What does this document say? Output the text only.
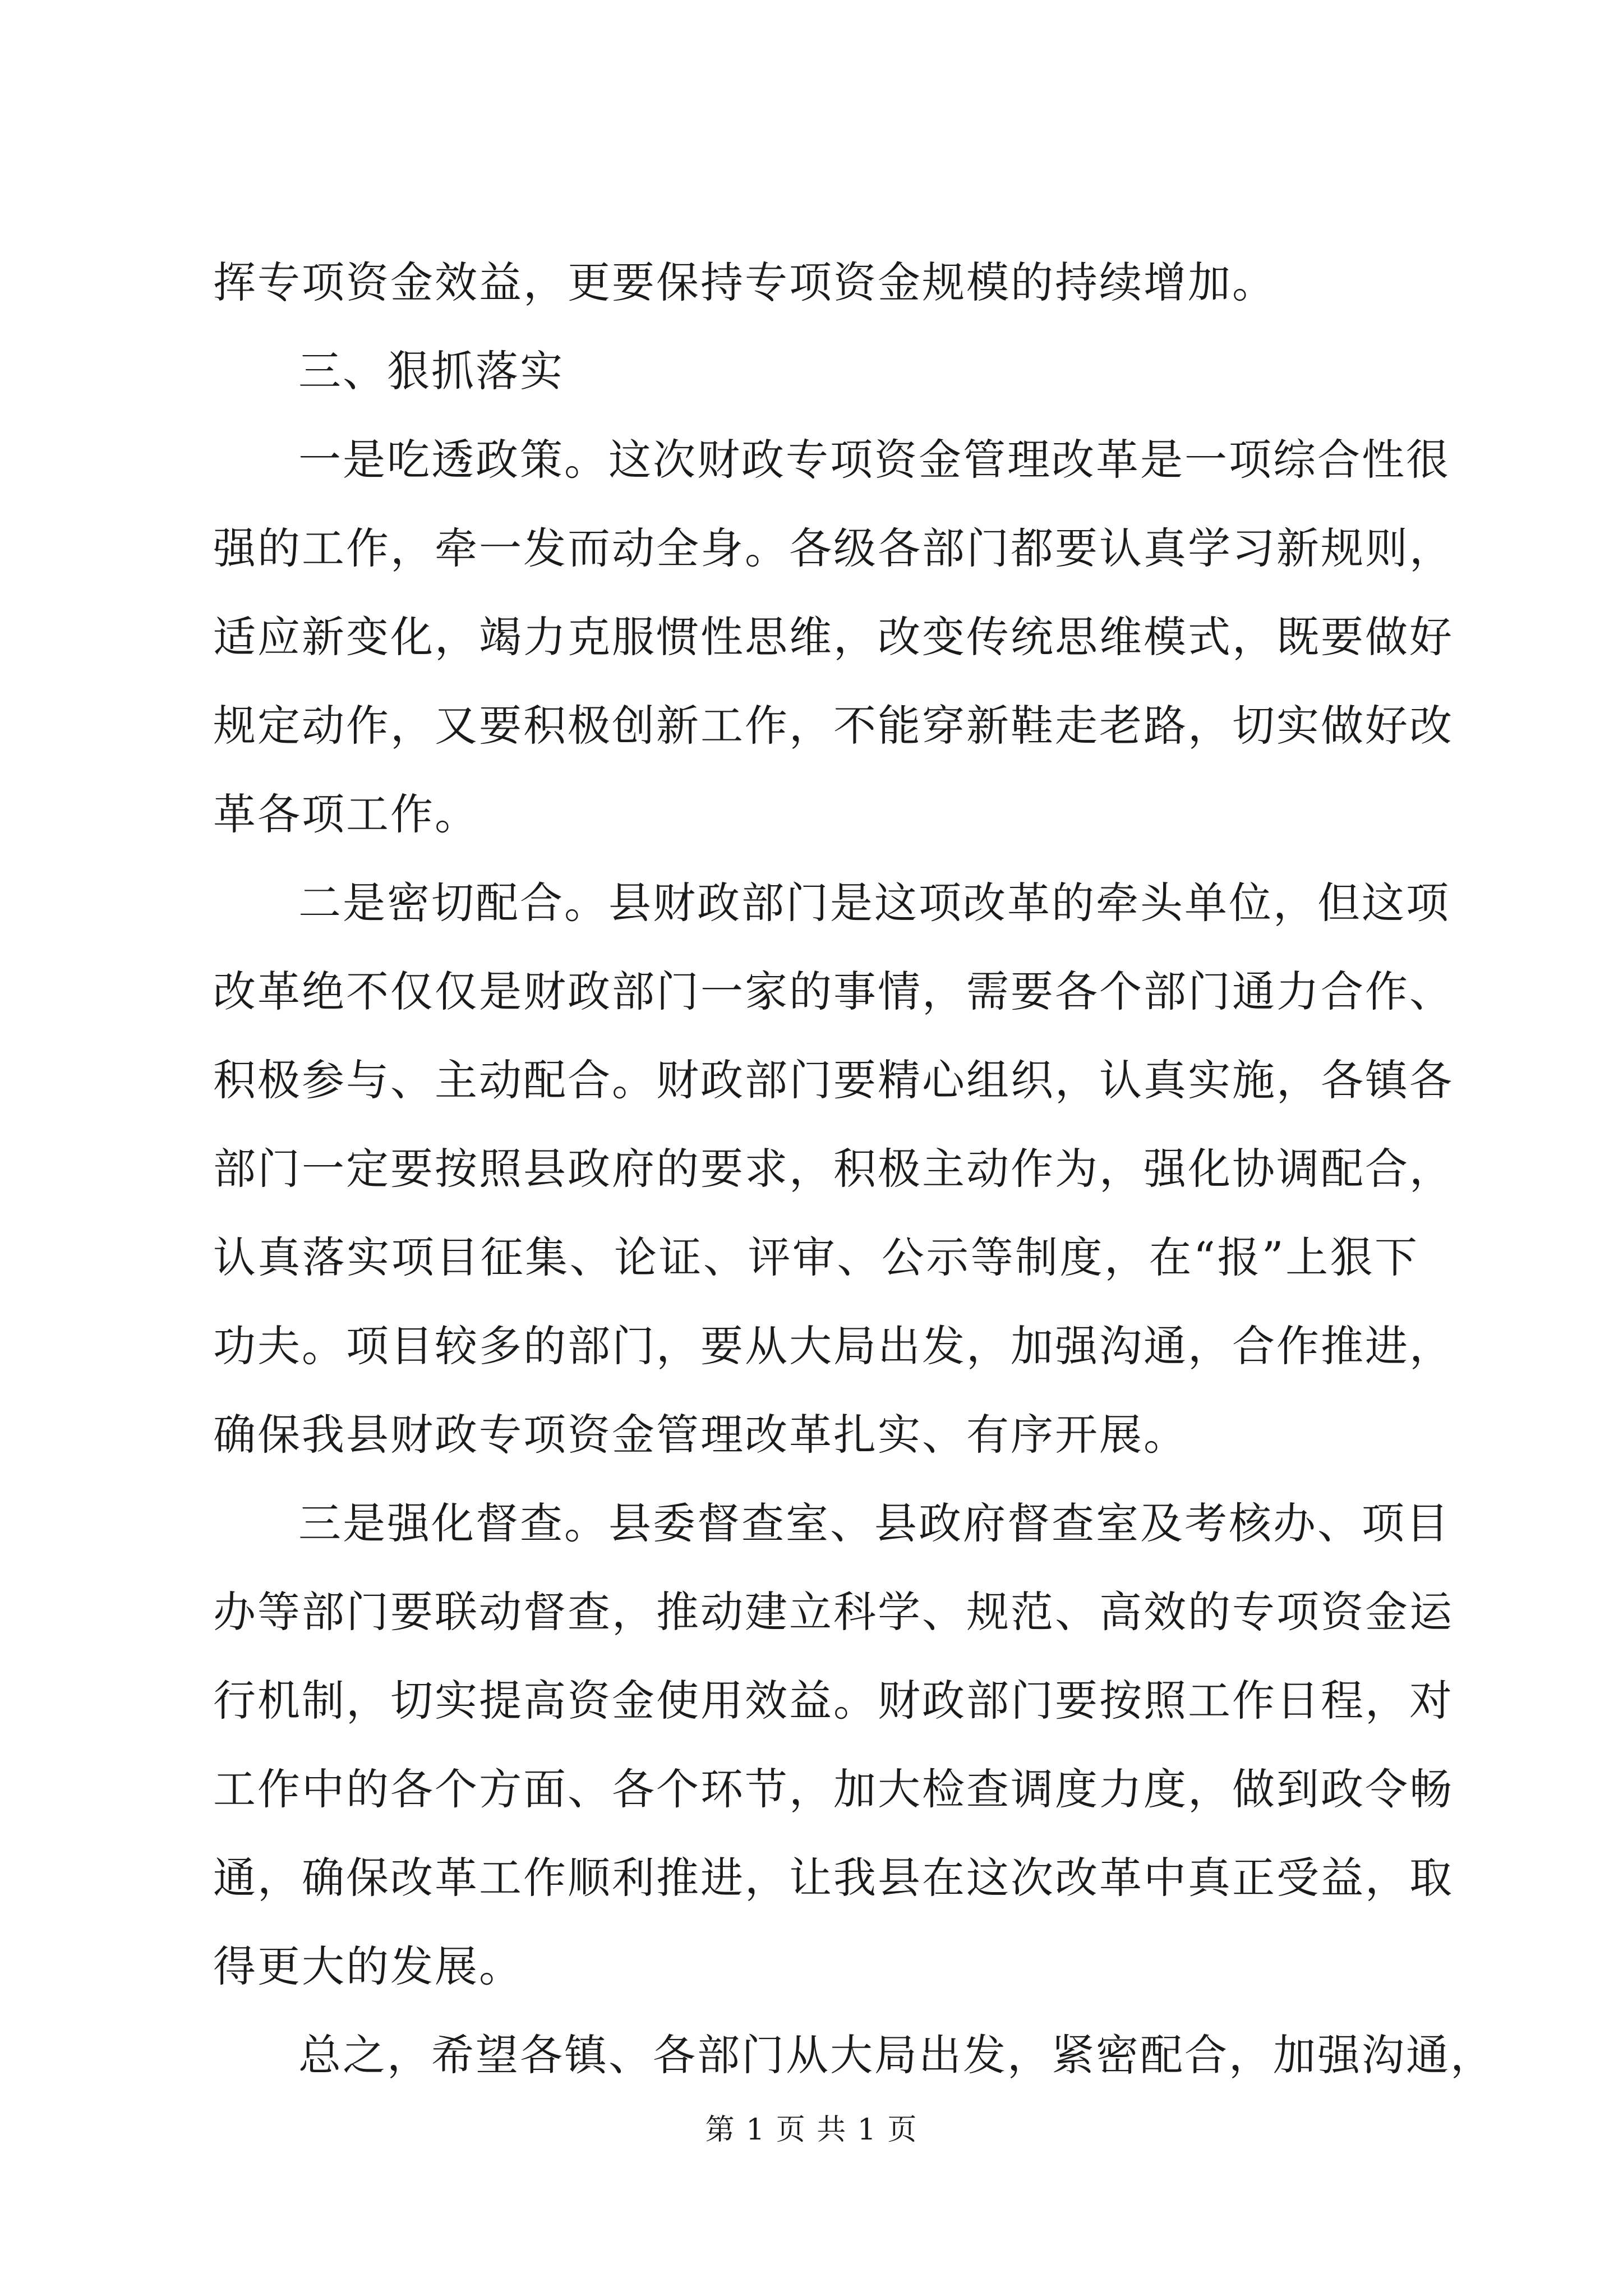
挥专项资金效益，更要保持专项资金规模的持续增加。
三、狠抓落实
一是吃透政策。这次财政专项资金管理改革是一项综合性很
强的工作，牵一发而动全身。各级各部门都要认真学习新规则，
适应新变化，竭力克服惯性思维，改变传统思维模式，既要做好
规定动作，又要积极创新工作，不能穿新鞋走老路，切实做好改
革各项工作。
二是密切配合。县财政部门是这项改革的牵头单位，但这项
改革绝不仅仅是财政部门一家的事情，需要各个部门通力合作、
积极参与、主动配合。财政部门要精心组织，认真实施，各镇各
部门一定要按照县政府的要求，积极主动作为，强化协调配合，
认真落实项目征集、论证、评审、公示等制度，在“报”上狠下
功夫。项目较多的部门，要从大局出发，加强沟通，合作推进，
确保我县财政专项资金管理改革扎实、有序开展。
三是强化督查。县委督查室、县政府督查室及考核办、项目
办等部门要联动督查，推动建立科学、规范、高效的专项资金运
行机制，切实提高资金使用效益。财政部门要按照工作日程，对
工作中的各个方面、各个环节，加大检查调度力度，做到政令畅
通，确保改革工作顺利推进，让我县在这次改革中真正受益，取
得更大的发展。
总之，希望各镇、各部门从大局出发，紧密配合，加强沟通，
第 1 页 共 1 页
